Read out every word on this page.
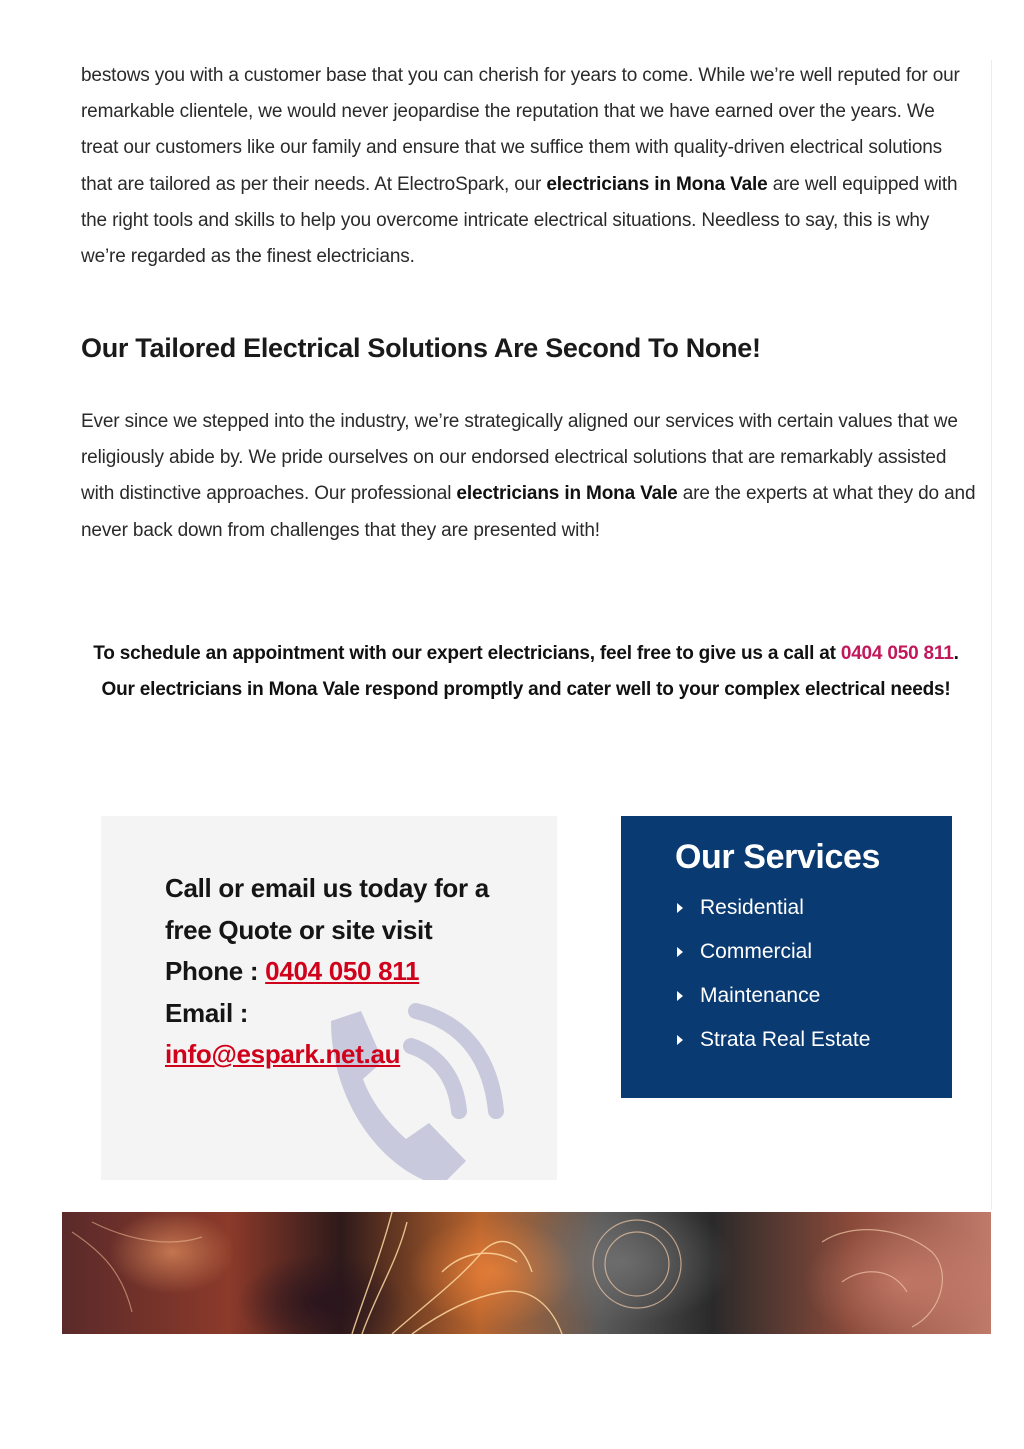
bestows you with a customer base that you can cherish for years to come. While we’re well reputed for our remarkable clientele, we would never jeopardise the reputation that we have earned over the years. We treat our customers like our family and ensure that we suffice them with quality-driven electrical solutions that are tailored as per their needs. At ElectroSpark, our electricians in Mona Vale are well equipped with the right tools and skills to help you overcome intricate electrical situations. Needless to say, this is why we’re regarded as the finest electricians.

Our Tailored Electrical Solutions Are Second To None!

Ever since we stepped into the industry, we’re strategically aligned our services with certain values that we religiously abide by. We pride ourselves on our endorsed electrical solutions that are remarkably assisted with distinctive approaches. Our professional electricians in Mona Vale are the experts at what they do and never back down from challenges that they are presented with!

To schedule an appointment with our expert electricians, feel free to give us a call at 0404 050 811. Our electricians in Mona Vale respond promptly and cater well to your complex electrical needs!
Call or email us today for a
free Quote or site visit
Phone : 0404 050 811
Email :
info@espark.net.au
Our Services
Residential
Commercial
Maintenance
Strata Real Estate
